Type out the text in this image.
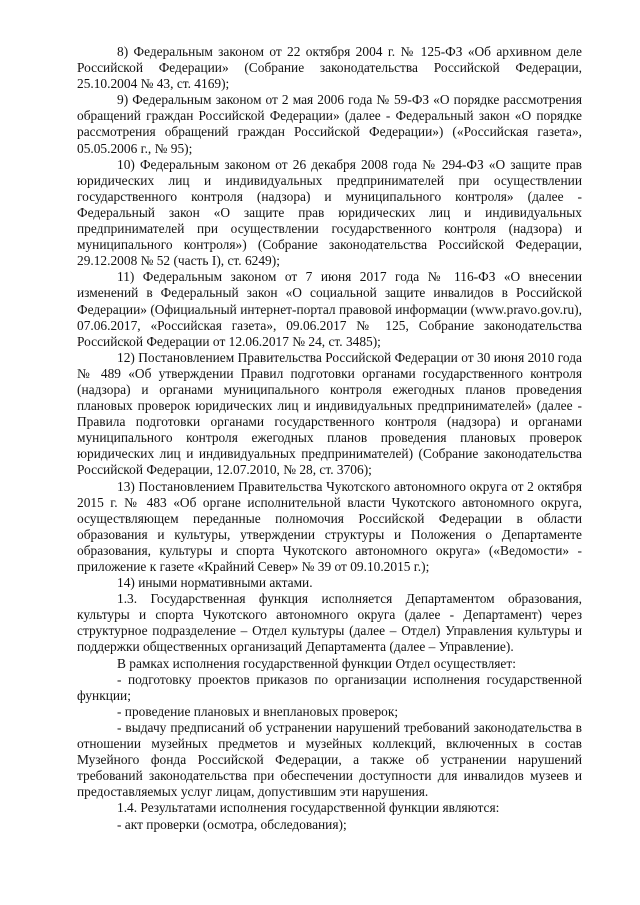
8) Федеральным законом от 22 октября 2004 г. № 125-ФЗ «Об архивном деле Российской Федерации» (Собрание законодательства Российской Федерации, 25.10.2004 № 43, ст. 4169);

9) Федеральным законом от 2 мая 2006 года № 59-ФЗ «О порядке рассмотрения обращений граждан Российской Федерации» (далее - Федеральный закон «О порядке рассмотрения обращений граждан Российской Федерации») («Российская газета», 05.05.2006 г., № 95);

10) Федеральным законом от 26 декабря 2008 года № 294-ФЗ «О защите прав юридических лиц и индивидуальных предпринимателей при осуществлении государственного контроля (надзора) и муниципального контроля» (далее - Федеральный закон «О защите прав юридических лиц и индивидуальных предпринимателей при осуществлении государственного контроля (надзора) и муниципального контроля») (Собрание законодательства Российской Федерации, 29.12.2008 № 52 (часть I), ст. 6249);

11) Федеральным законом от 7 июня 2017 года № 116-ФЗ «О внесении изменений в Федеральный закон «О социальной защите инвалидов в Российской Федерации» (Официальный интернет-портал правовой информации (www.pravo.gov.ru), 07.06.2017, «Российская газета», 09.06.2017 № 125, Собрание законодательства Российской Федерации от 12.06.2017 № 24, ст. 3485);

12) Постановлением Правительства Российской Федерации от 30 июня 2010 года № 489 «Об утверждении Правил подготовки органами государственного контроля (надзора) и органами муниципального контроля ежегодных планов проведения плановых проверок юридических лиц и индивидуальных предпринимателей» (далее - Правила подготовки органами государственного контроля (надзора) и органами муниципального контроля ежегодных планов проведения плановых проверок юридических лиц и индивидуальных предпринимателей) (Собрание законодательства Российской Федерации, 12.07.2010, № 28, ст. 3706);

13) Постановлением Правительства Чукотского автономного округа от 2 октября 2015 г. № 483 «Об органе исполнительной власти Чукотского автономного округа, осуществляющем переданные полномочия Российской Федерации в области образования и культуры, утверждении структуры и Положения о Департаменте образования, культуры и спорта Чукотского автономного округа» («Ведомости» - приложение к газете «Крайний Север» № 39 от 09.10.2015 г.);

14) иными нормативными актами.

1.3. Государственная функция исполняется Департаментом образования, культуры и спорта Чукотского автономного округа (далее - Департамент) через структурное подразделение – Отдел культуры (далее – Отдел) Управления культуры и поддержки общественных организаций Департамента (далее – Управление).

В рамках исполнения государственной функции Отдел осуществляет:

- подготовку проектов приказов по организации исполнения государственной функции;

- проведение плановых и внеплановых проверок;

- выдачу предписаний об устранении нарушений требований законодательства в отношении музейных предметов и музейных коллекций, включенных в состав Музейного фонда Российской Федерации, а также об устранении нарушений требований законодательства при обеспечении доступности для инвалидов музеев и предоставляемых услуг лицам, допустившим эти нарушения.

1.4. Результатами исполнения государственной функции являются:

- акт проверки (осмотра, обследования);
